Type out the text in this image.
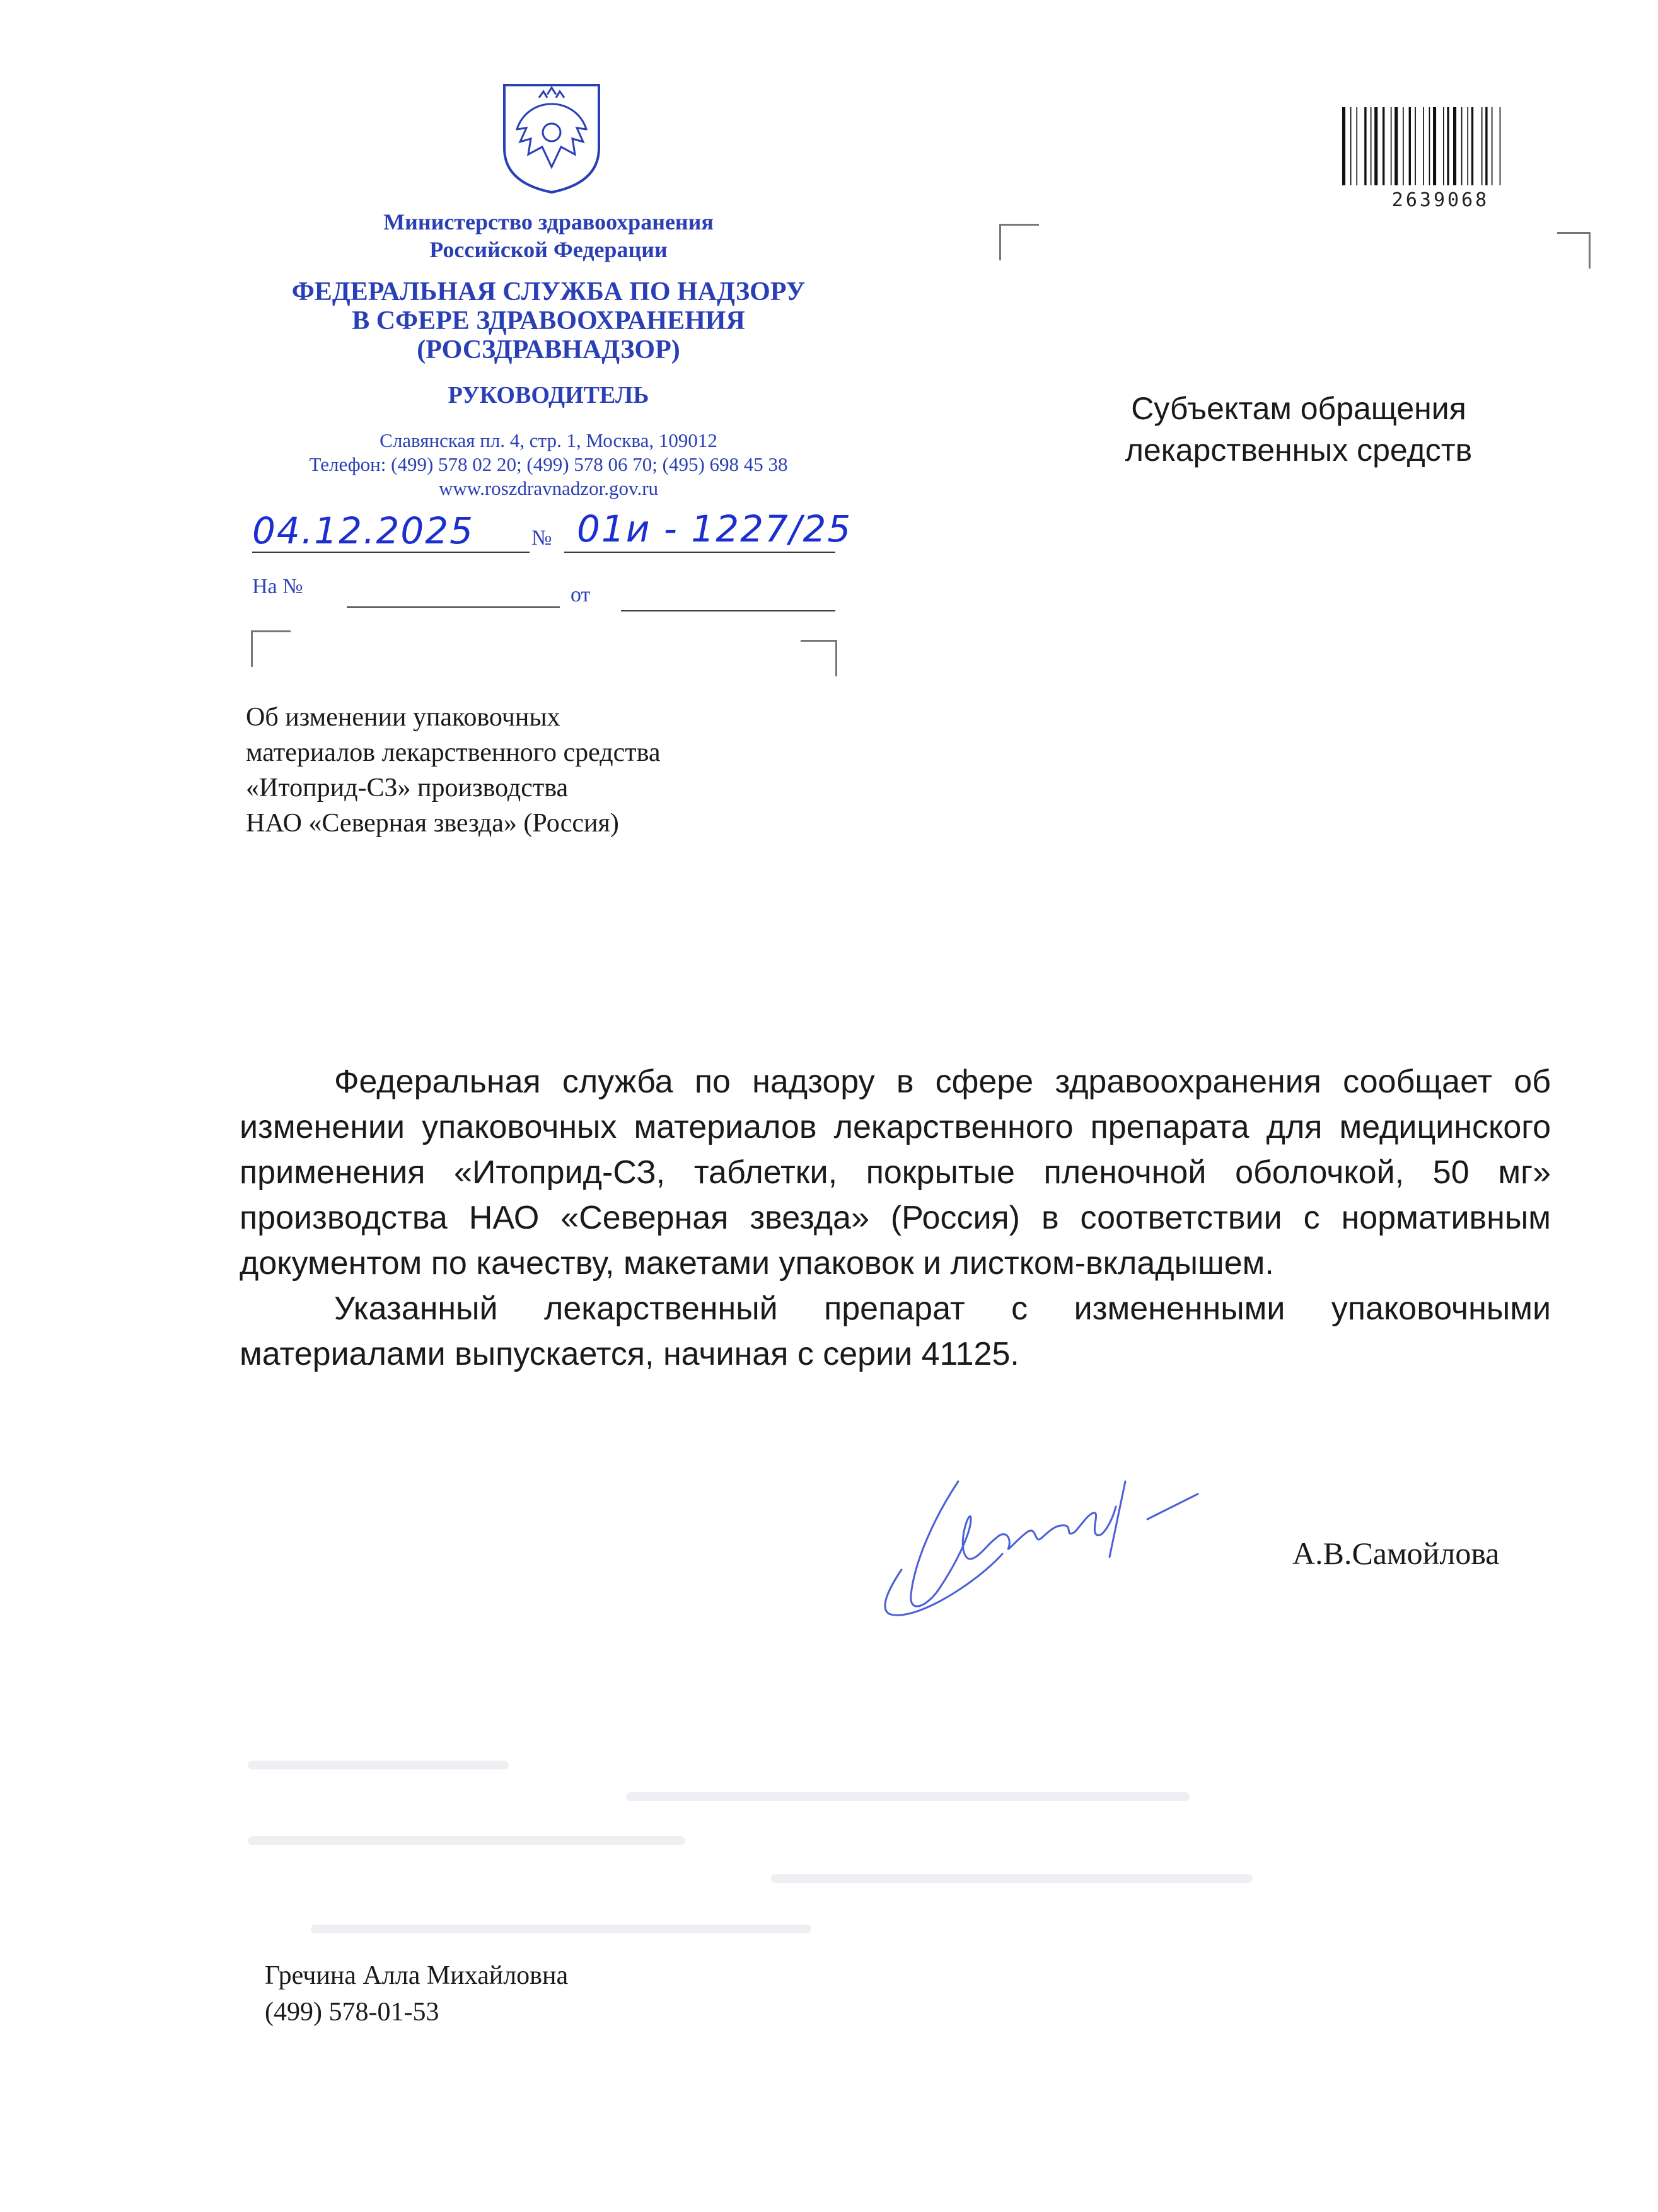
Министерство здравоохранения
Российской Федерации
ФЕДЕРАЛЬНАЯ СЛУЖБА ПО НАДЗОРУ
В СФЕРЕ ЗДРАВООХРАНЕНИЯ
(РОСЗДРАВНАДЗОР)
РУКОВОДИТЕЛЬ
Славянская пл. 4, стр. 1, Москва, 109012
Телефон: (499) 578 02 20; (499) 578 06 70; (495) 698 45 38
www.roszdravnadzor.gov.ru
2639068
04.12.2025	№ 01и - 1227/25
На №	от
Субъектам обращения
лекарственных средств
Об изменении упаковочных
материалов лекарственного средства
«Итоприд-СЗ» производства
НАО «Северная звезда» (Россия)

Федеральная служба по надзору в сфере здравоохранения сообщает об изменении упаковочных материалов лекарственного препарата для медицинского применения «Итоприд-СЗ, таблетки, покрытые пленочной оболочкой, 50 мг» производства НАО «Северная звезда» (Россия) в соответствии с нормативным документом по качеству, макетами упаковок и листком-вкладышем.

Указанный лекарственный препарат с измененными упаковочными материалами выпускается, начиная с серии 41125.

А.В.Самойлова
Гречина Алла Михайловна
(499) 578-01-53
